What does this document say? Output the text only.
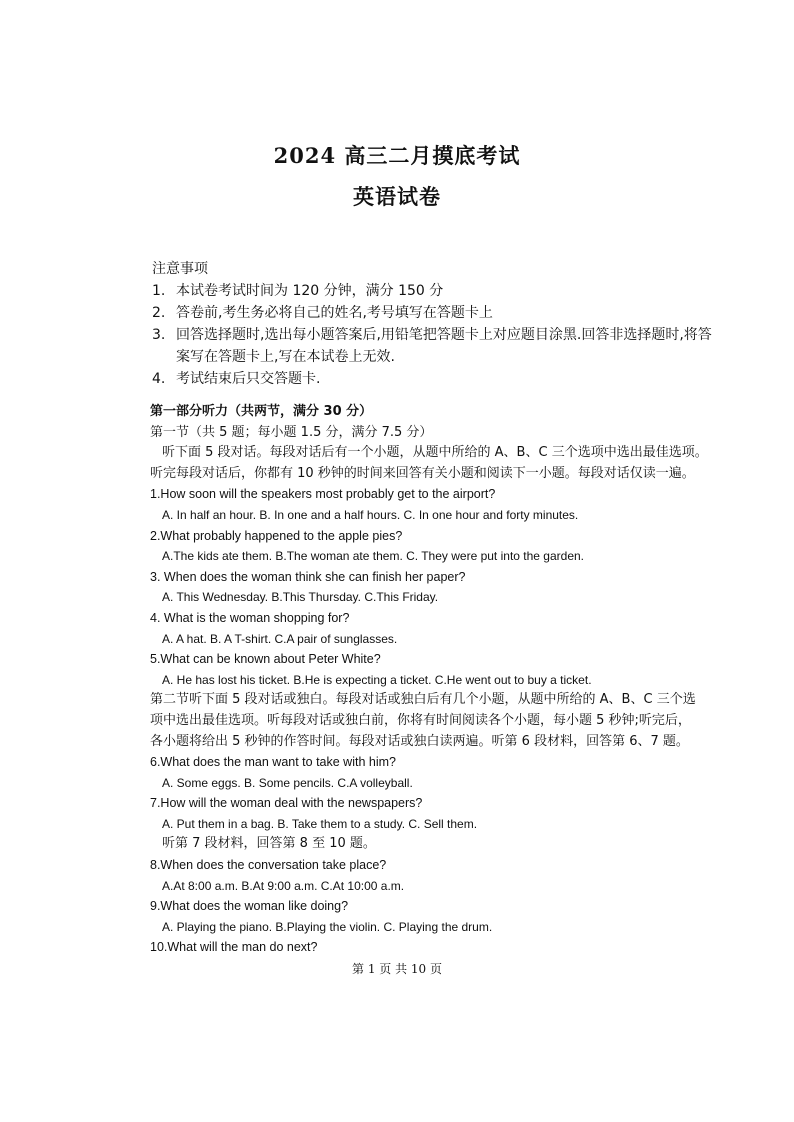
2024 高三二月摸底考试
英语试卷
注意事项
1. 本试卷考试时间为 120 分钟，满分 150 分
2. 答卷前,考生务必将自己的姓名,考号填写在答题卡上
3. 回答选择题时,选出每小题答案后,用铅笔把答题卡上对应题目涂黑.回答非选择题时,将答案写在答题卡上,写在本试卷上无效.
4. 考试结束后只交答题卡.
第一部分听力（共两节，满分 30 分）
第一节（共 5 题；每小题 1.5 分，满分 7.5 分）
听下面 5 段对话。每段对话后有一个小题，从题中所给的 A、B、C 三个选项中选出最佳选项。
听完每段对话后，你都有 10 秒钟的时间来回答有关小题和阅读下一小题。每段对话仅读一遍。
1.How soon will the speakers most probably get to the airport?
A. In half an hour. B. In one and a half hours. C. In one hour and forty minutes.
2.What probably happened to the apple pies?
A.The kids ate them. B.The woman ate them. C. They were put into the garden.
3. When does the woman think she can finish her paper?
A. This Wednesday. B.This Thursday. C.This Friday.
4. What is the woman shopping for?
A. A hat. B. A T-shirt. C.A pair of sunglasses.
5.What can be known about Peter White?
A. He has lost his ticket. B.He is expecting a ticket. C.He went out to buy a ticket.
第二节听下面 5 段对话或独白。每段对话或独白后有几个小题，从题中所给的 A、B、C 三个选
项中选出最佳选项。听每段对话或独白前，你将有时间阅读各个小题，每小题 5 秒钟;听完后，
各小题将给出 5 秒钟的作答时间。每段对话或独白读两遍。听第 6 段材料，回答第 6、7 题。
6.What does the man want to take with him?
A. Some eggs. B. Some pencils. C.A volleyball.
7.How will the woman deal with the newspapers?
A. Put them in a bag. B. Take them to a study. C. Sell them.
听第 7 段材料，回答第 8 至 10 题。
8.When does the conversation take place?
A.At 8:00 a.m. B.At 9:00 a.m. C.At 10:00 a.m.
9.What does the woman like doing?
A. Playing the piano. B.Playing the violin. C. Playing the drum.
10.What will the man do next?
第 1 页 共 10 页
